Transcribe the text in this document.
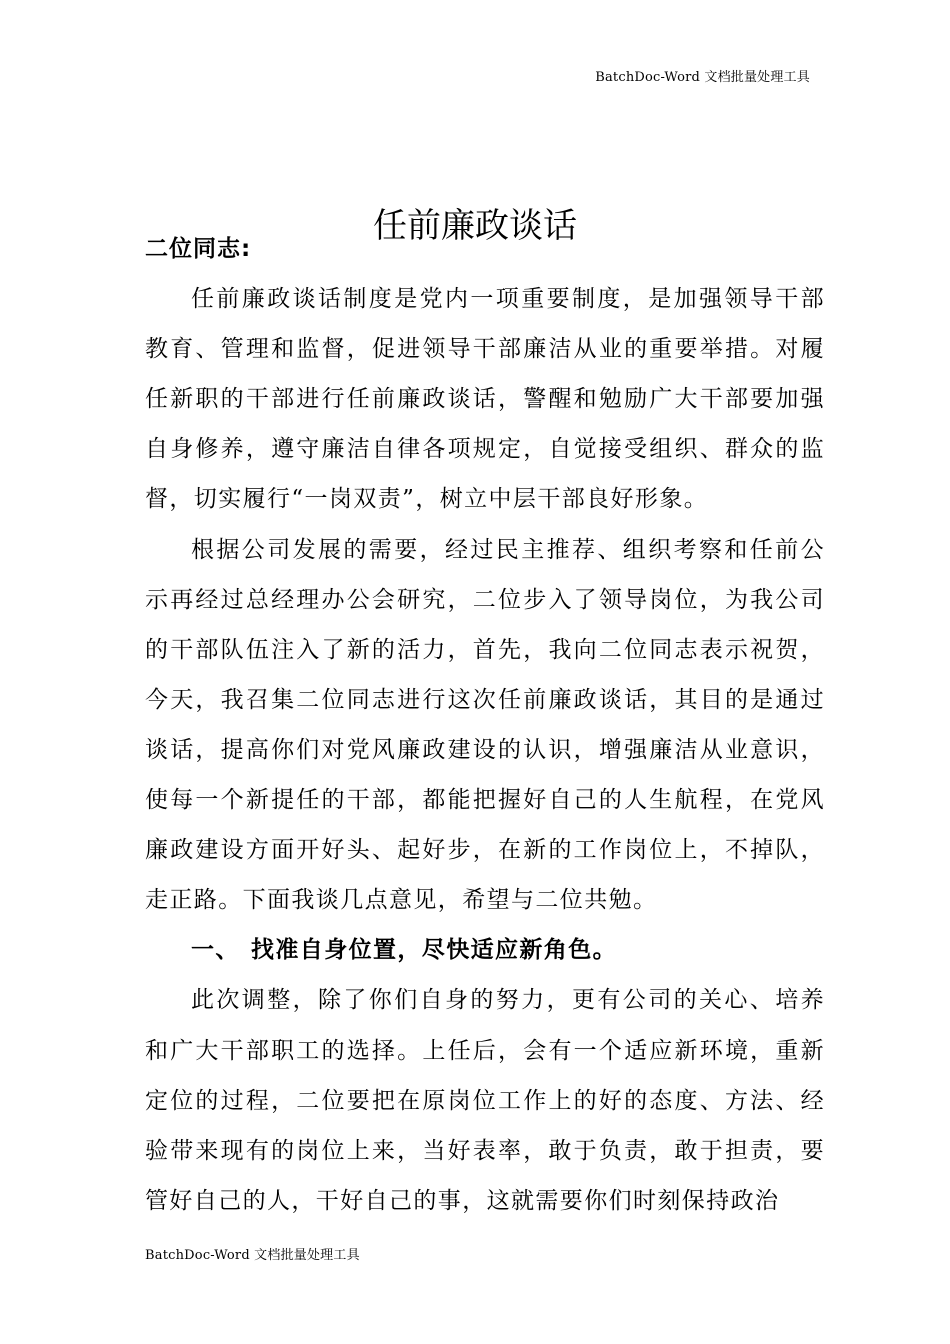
BatchDoc-Word 文档批量处理工具
任前廉政谈话

二位同志:

任前廉政谈话制度是党内一项重要制度，是加强领导干部教育、管理和监督，促进领导干部廉洁从业的重要举措。对履任新职的干部进行任前廉政谈话，警醒和勉励广大干部要加强自身修养，遵守廉洁自律各项规定，自觉接受组织、群众的监督，切实履行“一岗双责”，树立中层干部良好形象。

根据公司发展的需要，经过民主推荐、组织考察和任前公示再经过总经理办公会研究，二位步入了领导岗位，为我公司的干部队伍注入了新的活力，首先，我向二位同志表示祝贺，今天，我召集二位同志进行这次任前廉政谈话，其目的是通过谈话，提高你们对党风廉政建设的认识，增强廉洁从业意识，使每一个新提任的干部，都能把握好自己的人生航程，在党风廉政建设方面开好头、起好步，在新的工作岗位上，不掉队，走正路。下面我谈几点意见，希望与二位共勉。

一、 找准自身位置，尽快适应新角色。

此次调整，除了你们自身的努力，更有公司的关心、培养和广大干部职工的选择。上任后，会有一个适应新环境，重新定位的过程，二位要把在原岗位工作上的好的态度、方法、经验带来现有的岗位上来，当好表率，敢于负责，敢于担责，要管好自己的人，干好自己的事，这就需要你们时刻保持政治

BatchDoc-Word 文档批量处理工具
